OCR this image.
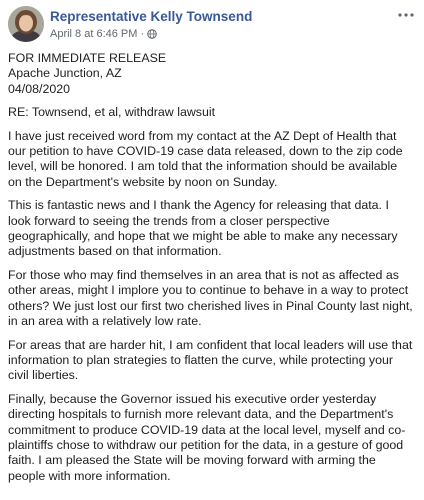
Representative Kelly Townsend
April 8 at 6:46 PM ·

FOR IMMEDIATE RELEASE

Apache Junction, AZ

04/08/2020

RE: Townsend, et al, withdraw lawsuit

I have just received word from my contact at the AZ Dept of Health that our petition to have COVID-19 case data released, down to the zip code level, will be honored. I am told that the information should be available on the Department's website by noon on Sunday.

This is fantastic news and I thank the Agency for releasing that data. I look forward to seeing the trends from a closer perspective geographically, and hope that we might be able to make any necessary adjustments based on that information.

For those who may find themselves in an area that is not as affected as other areas, might I implore you to continue to behave in a way to protect others? We just lost our first two cherished lives in Pinal County last night, in an area with a relatively low rate.

For areas that are harder hit, I am confident that local leaders will use that information to plan strategies to flatten the curve, while protecting your civil liberties.

Finally, because the Governor issued his executive order yesterday directing hospitals to furnish more relevant data, and the Department's commitment to produce COVID-19 data at the local level, myself and co-plaintiffs chose to withdraw our petition for the data, in a gesture of good faith. I am pleased the State will be moving forward with arming the people with more information.
